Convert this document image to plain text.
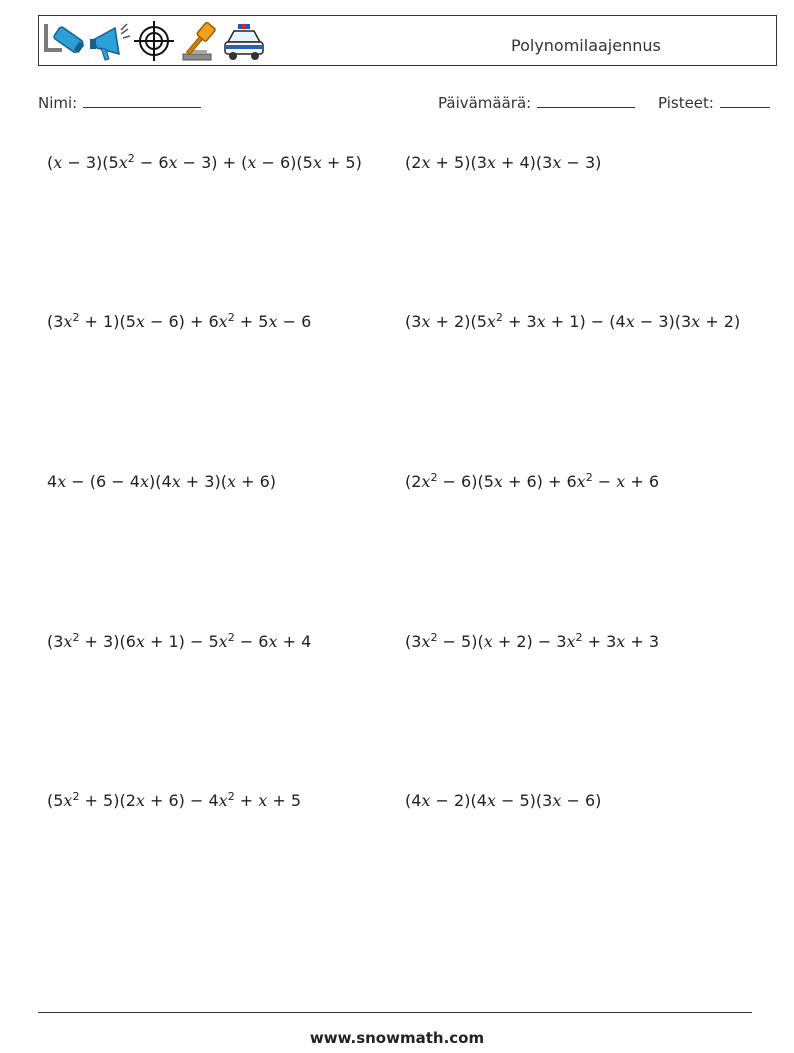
Polynomilaajennus
Nimi:	Päivämäärä:	Pisteet:
$(x - 3)(5x^2 - 6x - 3) + (x - 6)(5x + 5)$	(2x + 5)(3x + 4)(3x − 3)
$(3x^2 + 1)(5x - 6) + 6x^2 + 5x - 6$	$(3x + 2)(5x^2 + 3x + 1) - (4x - 3)(3x + 2)$
4x − (6 − 4x)(4x + 3)(x + 6)	$(2x^2 - 6)(5x + 6) + 6x^2 - x + 6$
$(3x^2 + 3)(6x + 1) - 5x^2 - 6x + 4$	$(3x^2 - 5)(x + 2) - 3x^2 + 3x + 3$
$(5x^2 + 5)(2x + 6) - 4x^2 + x + 5$	(4x − 2)(4x − 5)(3x − 6)
www.snowmath.com
